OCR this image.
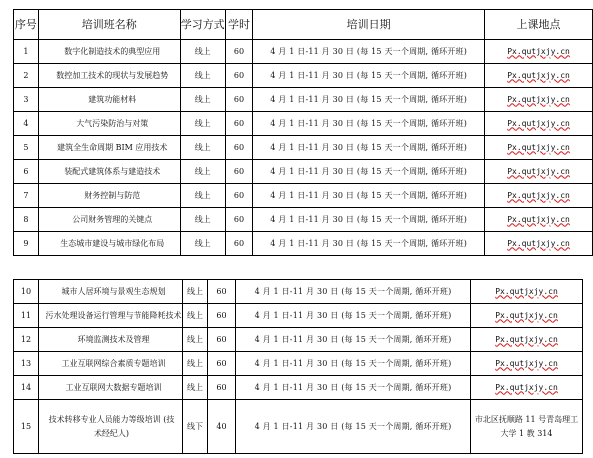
序号	培训班名称	学习方式	学时	培训日期	上课地点
1	数字化制造技术的典型应用	线上	60	4 月 1 日-11 月 30 日 (每 15 天一个周期, 循环开班)	Px.qutjxjy.cn
2	数控加工技术的现状与发展趋势	线上	60	4 月 1 日-11 月 30 日 (每 15 天一个周期, 循环开班)	Px.qutjxjy.cn
3	建筑功能材料	线上	60	4 月 1 日-11 月 30 日 (每 15 天一个周期, 循环开班)	Px.qutjxjy.cn
4	大气污染防治与对策	线上	60	4 月 1 日-11 月 30 日 (每 15 天一个周期, 循环开班)	Px.qutjxjy.cn
5	建筑全生命周期 BIM 应用技术	线上	60	4 月 1 日-11 月 30 日 (每 15 天一个周期, 循环开班)	Px.qutjxjy.cn
6	装配式建筑体系与建造技术	线上	60	4 月 1 日-11 月 30 日 (每 15 天一个周期, 循环开班)	Px.qutjxjy.cn
7	财务控制与防范	线上	60	4 月 1 日-11 月 30 日 (每 15 天一个周期, 循环开班)	Px.qutjxjy.cn
8	公司财务管理的关键点	线上	60	4 月 1 日-11 月 30 日 (每 15 天一个周期, 循环开班)	Px.qutjxjy.cn
9	生态城市建设与城市绿化布局	线上	60	4 月 1 日-11 月 30 日 (每 15 天一个周期, 循环开班)	Px.qutjxjy.cn
10	城市人居环境与景观生态规划	线上	60	4 月 1 日-11 月 30 日 (每 15 天一个周期, 循环开班)	Px.qutjxjy.cn
11	污水处理设备运行管理与节能降耗技术	线上	60	4 月 1 日-11 月 30 日 (每 15 天一个周期, 循环开班)	Px.qutjxjy.cn
12	环境监测技术及管理	线上	60	4 月 1 日-11 月 30 日 (每 15 天一个周期, 循环开班)	Px.qutjxjy.cn
13	工业互联网综合素质专题培训	线上	60	4 月 1 日-11 月 30 日 (每 15 天一个周期, 循环开班)	Px.qutjxjy.cn
14	工业互联网大数据专题培训	线上	60	4 月 1 日-11 月 30 日 (每 15 天一个周期, 循环开班)	Px.qutjxjy.cn
15	技术转移专业人员能力等级培训 (技术经纪人)	线下	40	4 月 1 日-11 月 30 日 (每 15 天一个周期, 循环开班)	市北区抚顺路 11 号青岛理工大学 1 教 314
